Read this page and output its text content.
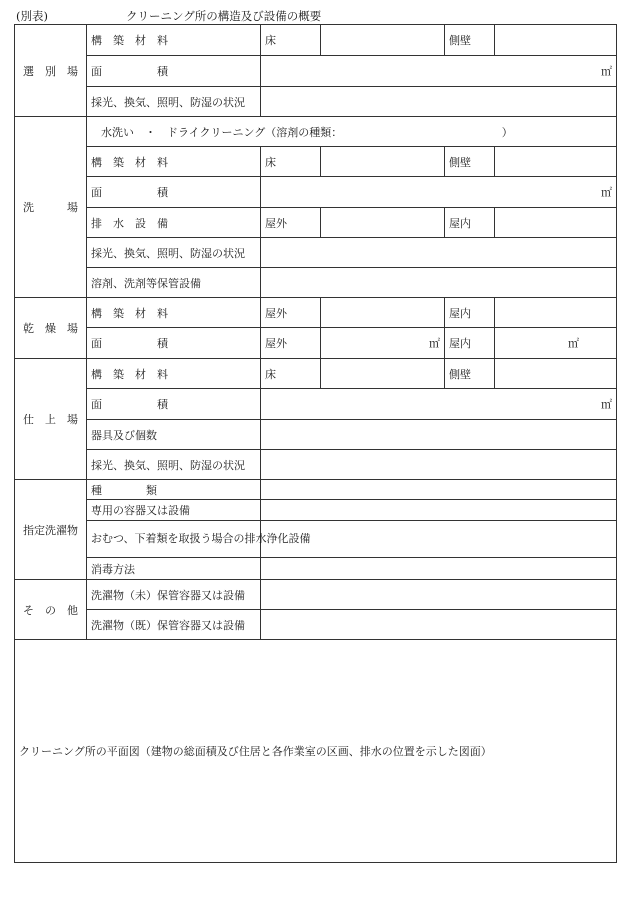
(別表)	クリーニング所の構造及び設備の概要
選　別　場	構　築　材　料	床		側壁	
	面　　　　　積	㎡			
	採光、換気、照明、防湿の状況				
洗　　　場	水洗い　・　ドライクリーニング（溶剤の種類：　　　　　　　　　　　　　　　）				
	構　築　材　料	床		側壁	
	面　　　　　積	㎡			
	排　水　設　備	屋外		屋内	
	採光、換気、照明、防湿の状況				
	溶剤、洗剤等保管設備				
乾　燥　場	構　築　材　料	屋外		屋内	
	面　　　　　積	屋外	㎡	屋内	㎡
仕　上　場	構　築　材　料	床		側壁	
	面　　　　　積	㎡			
	器具及び個数				
	採光、換気、照明、防湿の状況				
指定洗濯物	種　　　　類				
	専用の容器又は設備				
	おむつ、下着類を取扱う場合の排水浄化設備				
	消毒方法				
そ　の　他	洗濯物（未）保管容器又は設備				
	洗濯物（既）保管容器又は設備				
クリーニング所の平面図（建物の総面積及び住居と各作業室の区画、排水の位置を示した図面）					
